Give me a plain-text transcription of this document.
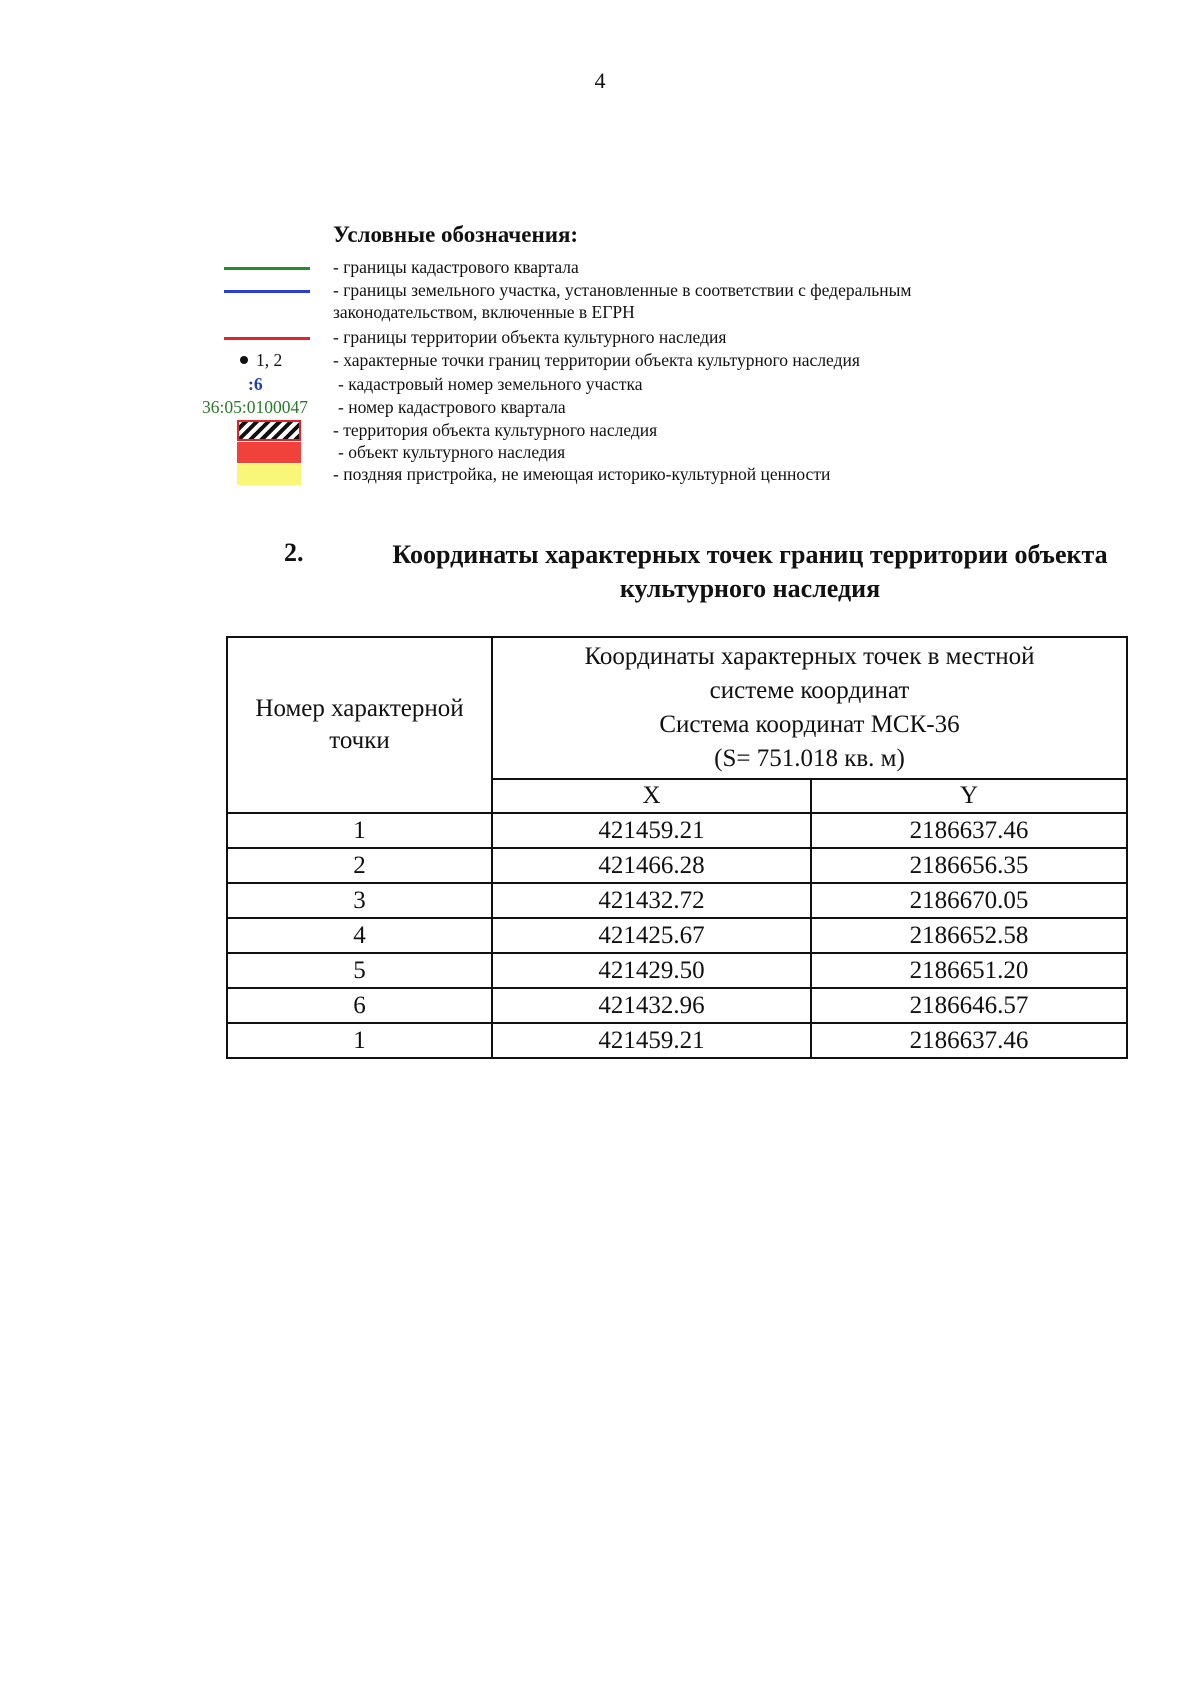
4
Условные обозначения:
- границы кадастрового квартала
- границы земельного участка, установленные в соответствии с федеральным
законодательством, включенные в ЕГРН
- границы территории объекта культурного наследия
1, 2	- характерные точки границ территории объекта культурного наследия
:6	- кадастровый номер земельного участка
36:05:0100047 - номер кадастрового квартала
- территория объекта культурного наследия
- объект культурного наследия
- поздняя пристройка, не имеющая историко-культурной ценности
2.	Координаты характерных точек границ территории объекта культурного наследия
Номер характерной точки	Координаты характерных точек в местной
системе координат
Система координат МСК-36
(S= 751.018 кв. м)	

	X	Y
1	421459.21	2186637.46
2	421466.28	2186656.35
3	421432.72	2186670.05
4	421425.67	2186652.58
5	421429.50	2186651.20
6	421432.96	2186646.57
1	421459.21	2186637.46
